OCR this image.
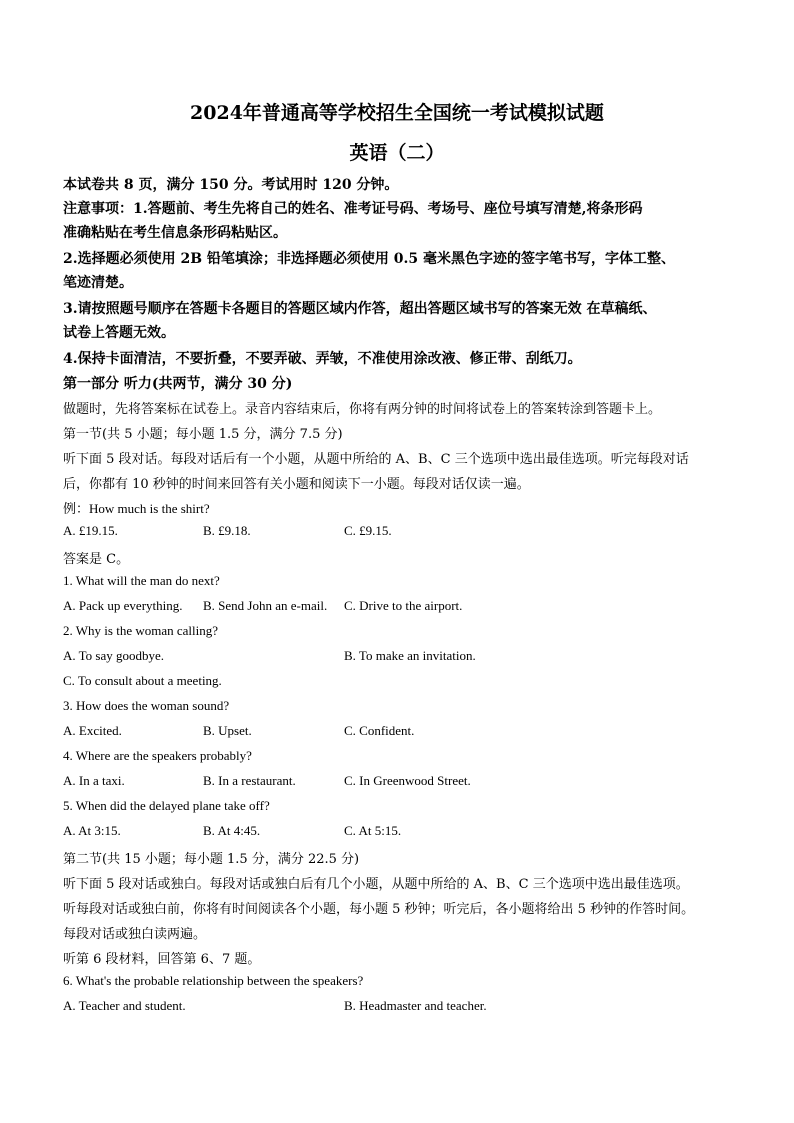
2024年普通高等学校招生全国统一考试模拟试题
英语（二）
本试卷共 8 页，满分 150 分。考试用时 120 分钟。
注意事项：1.答题前、考生先将自己的姓名、准考证号码、考场号、座位号填写清楚,将条形码
准确粘贴在考生信息条形码粘贴区。
2.选择题必须使用 2B 铅笔填涂；非选择题必须使用 0.5 毫米黑色字迹的签字笔书写，字体工整、
笔迹清楚。
3.请按照题号顺序在答题卡各题目的答题区域内作答，超出答题区域书写的答案无效 在草稿纸、
试卷上答题无效。
4.保持卡面清洁，不要折叠，不要弄破、弄皱，不准使用涂改液、修正带、刮纸刀。
第一部分 听力(共两节，满分 30 分)
做题时，先将答案标在试卷上。录音内容结束后，你将有两分钟的时间将试卷上的答案转涂到答题卡上。
第一节(共 5 小题；每小题 1.5 分，满分 7.5 分)
听下面 5 段对话。每段对话后有一个小题，从题中所给的 A、B、C 三个选项中选出最佳选项。听完每段对话
后，你都有 10 秒钟的时间来回答有关小题和阅读下一小题。每段对话仅读一遍。
例：How much is the shirt?
A. £19.15.	B. £9.18.	C. £9.15.
答案是 C。
1. What will the man do next?
A. Pack up everything. B. Send John an e-mail. C. Drive to the airport.
2. Why is the woman calling?
A. To say goodbye.	B. To make an invitation.
C. To consult about a meeting.
3. How does the woman sound?
A. Excited.	B. Upset.	C. Confident.
4. Where are the speakers probably?
A. In a taxi.	B. In a restaurant.	C. In Greenwood Street.
5. When did the delayed plane take off?
A. At 3:15.	B. At 4:45.	C. At 5:15.
第二节(共 15 小题；每小题 1.5 分，满分 22.5 分)
听下面 5 段对话或独白。每段对话或独白后有几个小题，从题中所给的 A、B、C 三个选项中选出最佳选项。
听每段对话或独白前，你将有时间阅读各个小题，每小题 5 秒钟；听完后，各小题将给出 5 秒钟的作答时间。
每段对话或独白读两遍。
听第 6 段材料，回答第 6、7 题。
6. What's the probable relationship between the speakers?
A. Teacher and student.	B. Headmaster and teacher.
